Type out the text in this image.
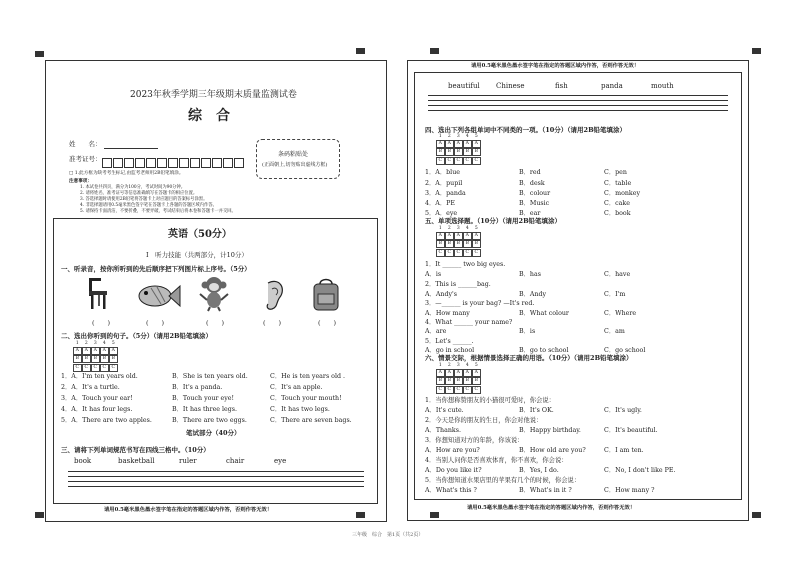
2023年秋季学期三年级期末质量监测试卷
综　合
姓　　名：
准考证号：
条码粘贴处
(正面朝上,切勿贴出虚线方框)
□ 1.此方框为缺考考生标记,由监考老师用2B铅笔填涂。
注意事项：
1. 本试卷共四页，满分为100分，考试时间为90分钟。
2. 请将姓名、准考证号等信息准确填写在答题卡的相应位置。
3. 答选择题时请使用2B铅笔将答题卡上对应题目的答案标号涂黑。
4. 非选择题请用0.5毫米黑色签字笔在答题卡上各题的答题区域内作答。
5. 请保持卡面清洁，不要折叠，不要弄破，考试结束后将本卷和答题卡一并交回。
英语（50分）
Ⅰ　听力技能（共两部分，计10分）
一、听录音，按你所听到的先后顺序把下列图片标上序号。（5分）
(　　)	(　　)	(　　)	(　　)	(　　)
二、选出你听到的句子。（5分）（请用2B铅笔填涂）
1	2	3	4	5
A	A	A	A	A
B	B	B	B	B
C	C	C	C	C
1．A．I'm ten years old.	B．She is ten years old.	C．He is ten years old .
2．A．It's a turtle.	B．It's a panda.	C．It's an apple.
3．A．Touch your ear!	B．Touch your eye!	C．Touch your mouth!
4．A．It has four legs.	B．It has three legs.	C．It has two legs.
5．A．There are two apples.	B．There are two eggs.	C．There are seven bags.
笔试部分（40分）
三、请将下列单词规范书写在四线三格中。（10分）
book	basketball	ruler	chair	eye
请用0.5毫米黑色墨水签字笔在指定的答题区域内作答，否则作答无效！
请用0.5毫米黑色墨水签字笔在指定的答题区域内作答，否则作答无效！
beautiful Chinese	fish	panda	mouth
四、选出下列各组单词中不同类的一项。（10分）（请用2B铅笔填涂）
1	2	3	4	5
A	A	A	A	A
B	B	B	B	B
C	C	C	C	C
1．A．blue	B．red	C．pen
2．A．pupil	B．desk	C．table
3．A．panda	B．colour	C．monkey
4．A．PE	B．Music	C．cake
5．A．eye	B．ear	C．book
五、单项选择题。（10分）（请用2B铅笔填涂）
1	2	3	4	5
A	A	A	A	A
B	B	B	B	B
C	C	C	C	C
1．It ______ two big eyes.
A．is	B．has	C．have
2．This is ______bag.
A．Andy's	B．Andy	C．I'm
3．—______ is your bag? —It's red.
A．How many	B．What colour	C．Where
4．What ______ your name?
A．are	B．is	C．am
5．Let's ______.
A．go in school	B．go to school	C．go school
六、情景交际，根据情景选择正确的用语。（10分）（请用2B铅笔填涂）
1	2	3	4	5
A	A	A	A	A
B	B	B	B	B
C	C	C	C	C
1．当你想称赞朋友的小猫很可爱时，你会说：
A．It's cute.	B．It's OK.	C．It's ugly.
2．今天是你的朋友的生日，你会对他说：
A．Thanks.	B．Happy birthday.	C．It's beautiful.
3．你想知道对方的年龄，你该说：
A．How are you?	B．How old are you?	C．I am ten.
4．当别人问你是否喜欢体育，你不喜欢，你会说：
A．Do you like it?	B．Yes, I do.	C．No, I don't like PE.
5．当你想知道水果店里的苹果有几个的时候，你会说：
A．What's this ?	B．What's in it ?	C．How many ?
请用0.5毫米黑色墨水签字笔在指定的答题区域内作答，否则作答无效！
三年级　综合　第1页（共2页）
